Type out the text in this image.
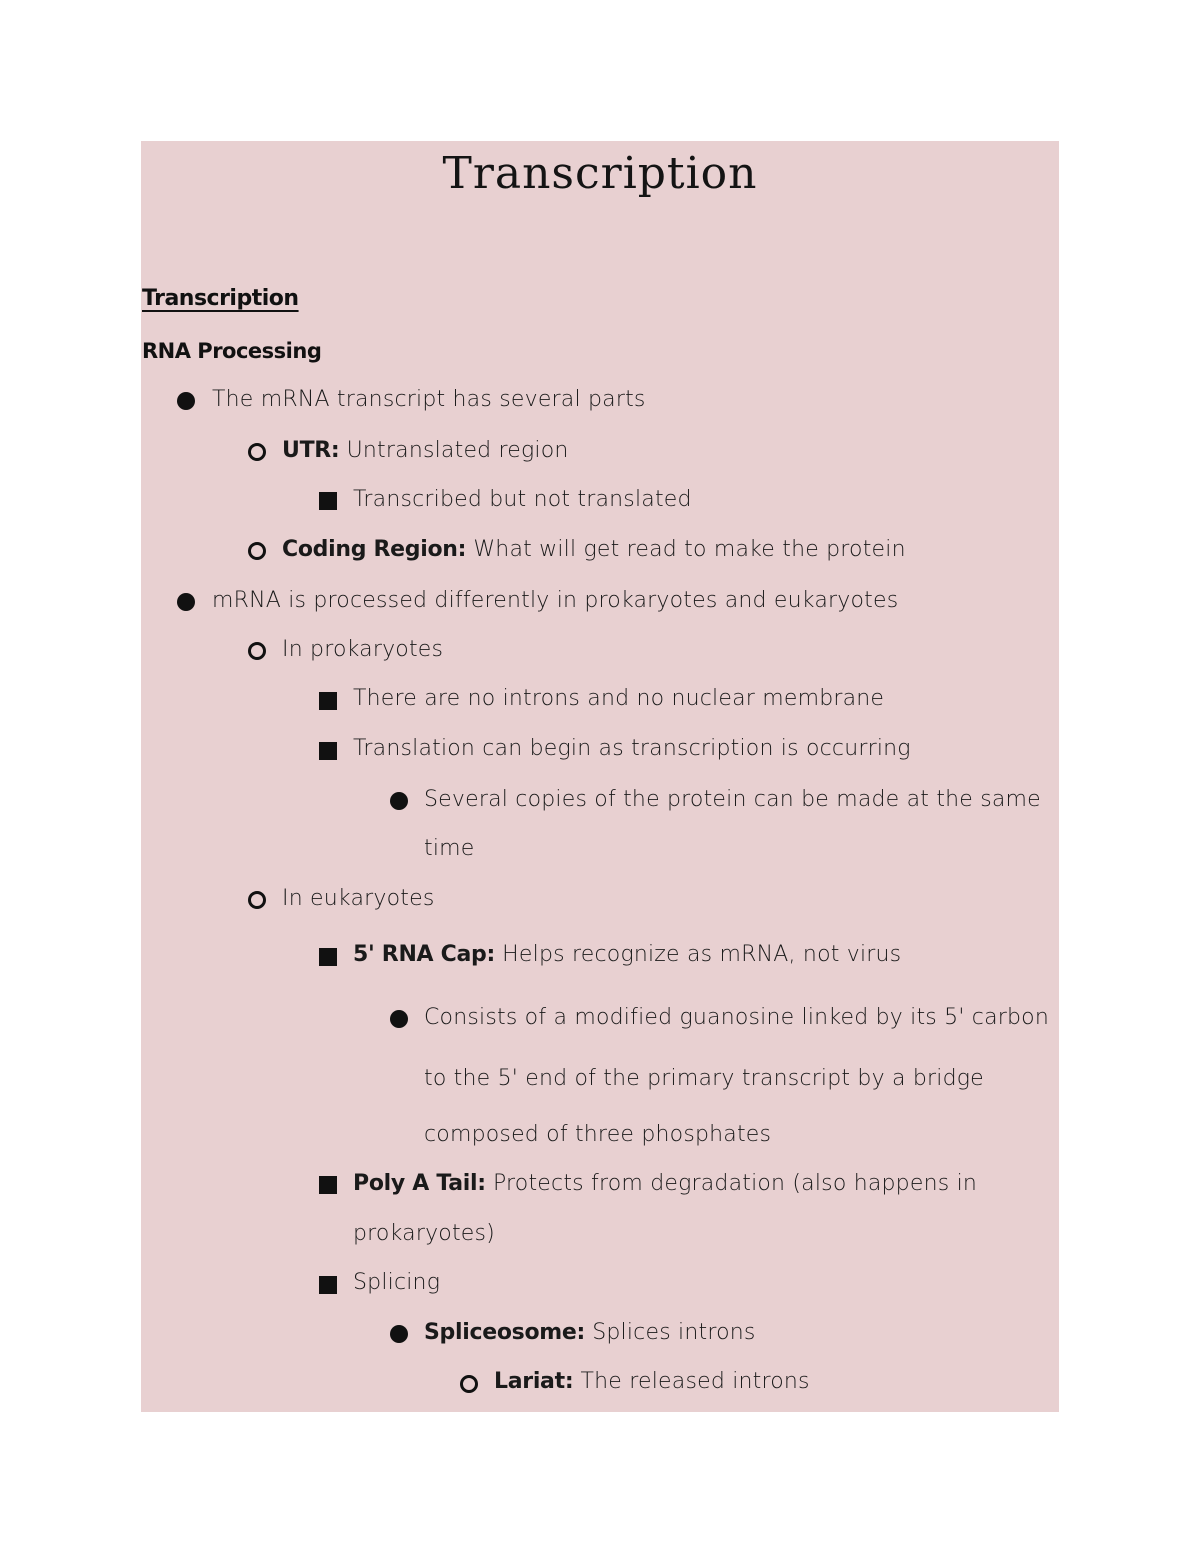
Transcription
Transcription
RNA Processing
The mRNA transcript has several parts
UTR: Untranslated region
Transcribed but not translated
Coding Region: What will get read to make the protein
mRNA is processed differently in prokaryotes and eukaryotes
In prokaryotes
There are no introns and no nuclear membrane
Translation can begin as transcription is occurring
Several copies of the protein can be made at the same
time
In eukaryotes
5' RNA Cap: Helps recognize as mRNA, not virus
Consists of a modified guanosine linked by its 5' carbon
to the 5' end of the primary transcript by a bridge
composed of three phosphates
Poly A Tail: Protects from degradation (also happens in
prokaryotes)
Splicing
Spliceosome: Splices introns
Lariat: The released introns
